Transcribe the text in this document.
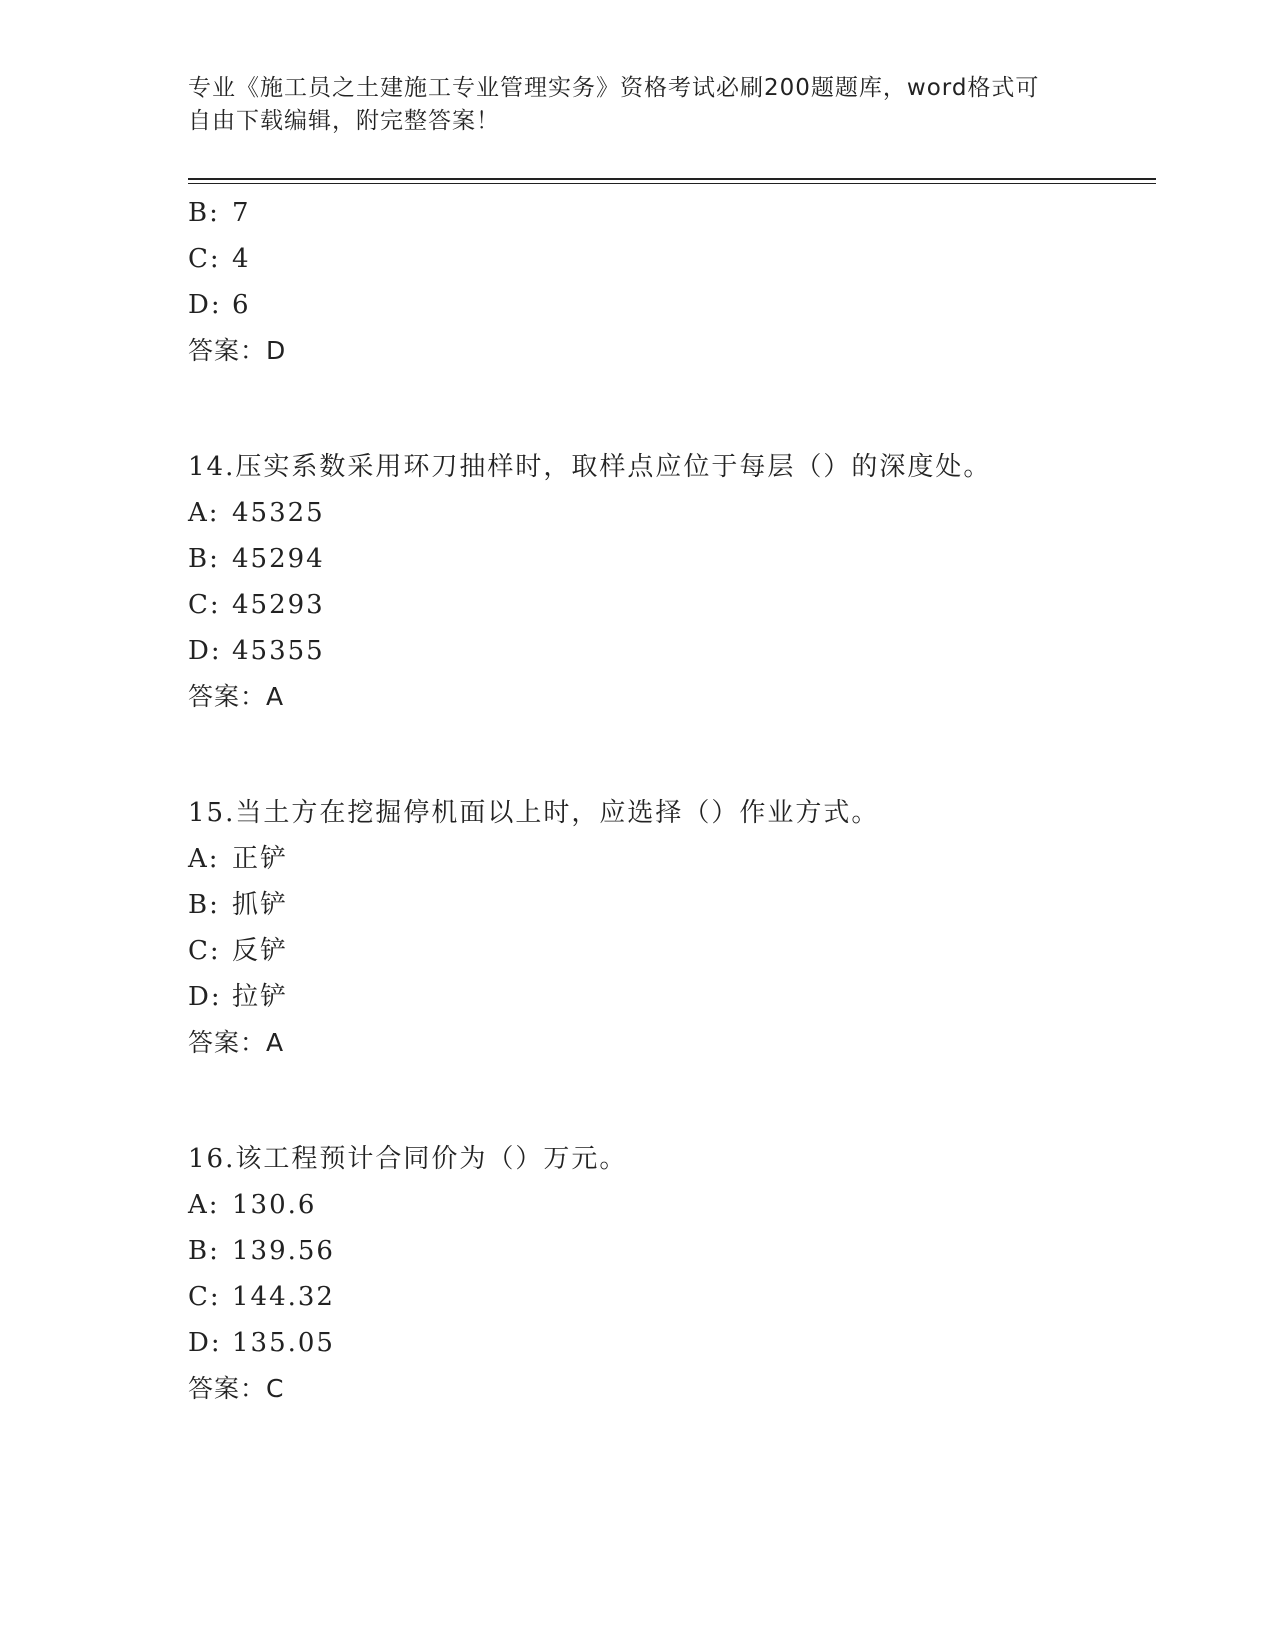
专业《施工员之土建施工专业管理实务》资格考试必刷200题题库，word格式可
自由下载编辑，附完整答案！
B: 7
C: 4
D: 6
答案：D
14.压实系数采用环刀抽样时，取样点应位于每层（）的深度处。
A: 45325
B: 45294
C: 45293
D: 45355
答案：A
15.当土方在挖掘停机面以上时，应选择（）作业方式。
A: 正铲
B: 抓铲
C: 反铲
D: 拉铲
答案：A
16.该工程预计合同价为（）万元。
A: 130.6
B: 139.56
C: 144.32
D: 135.05
答案：C
